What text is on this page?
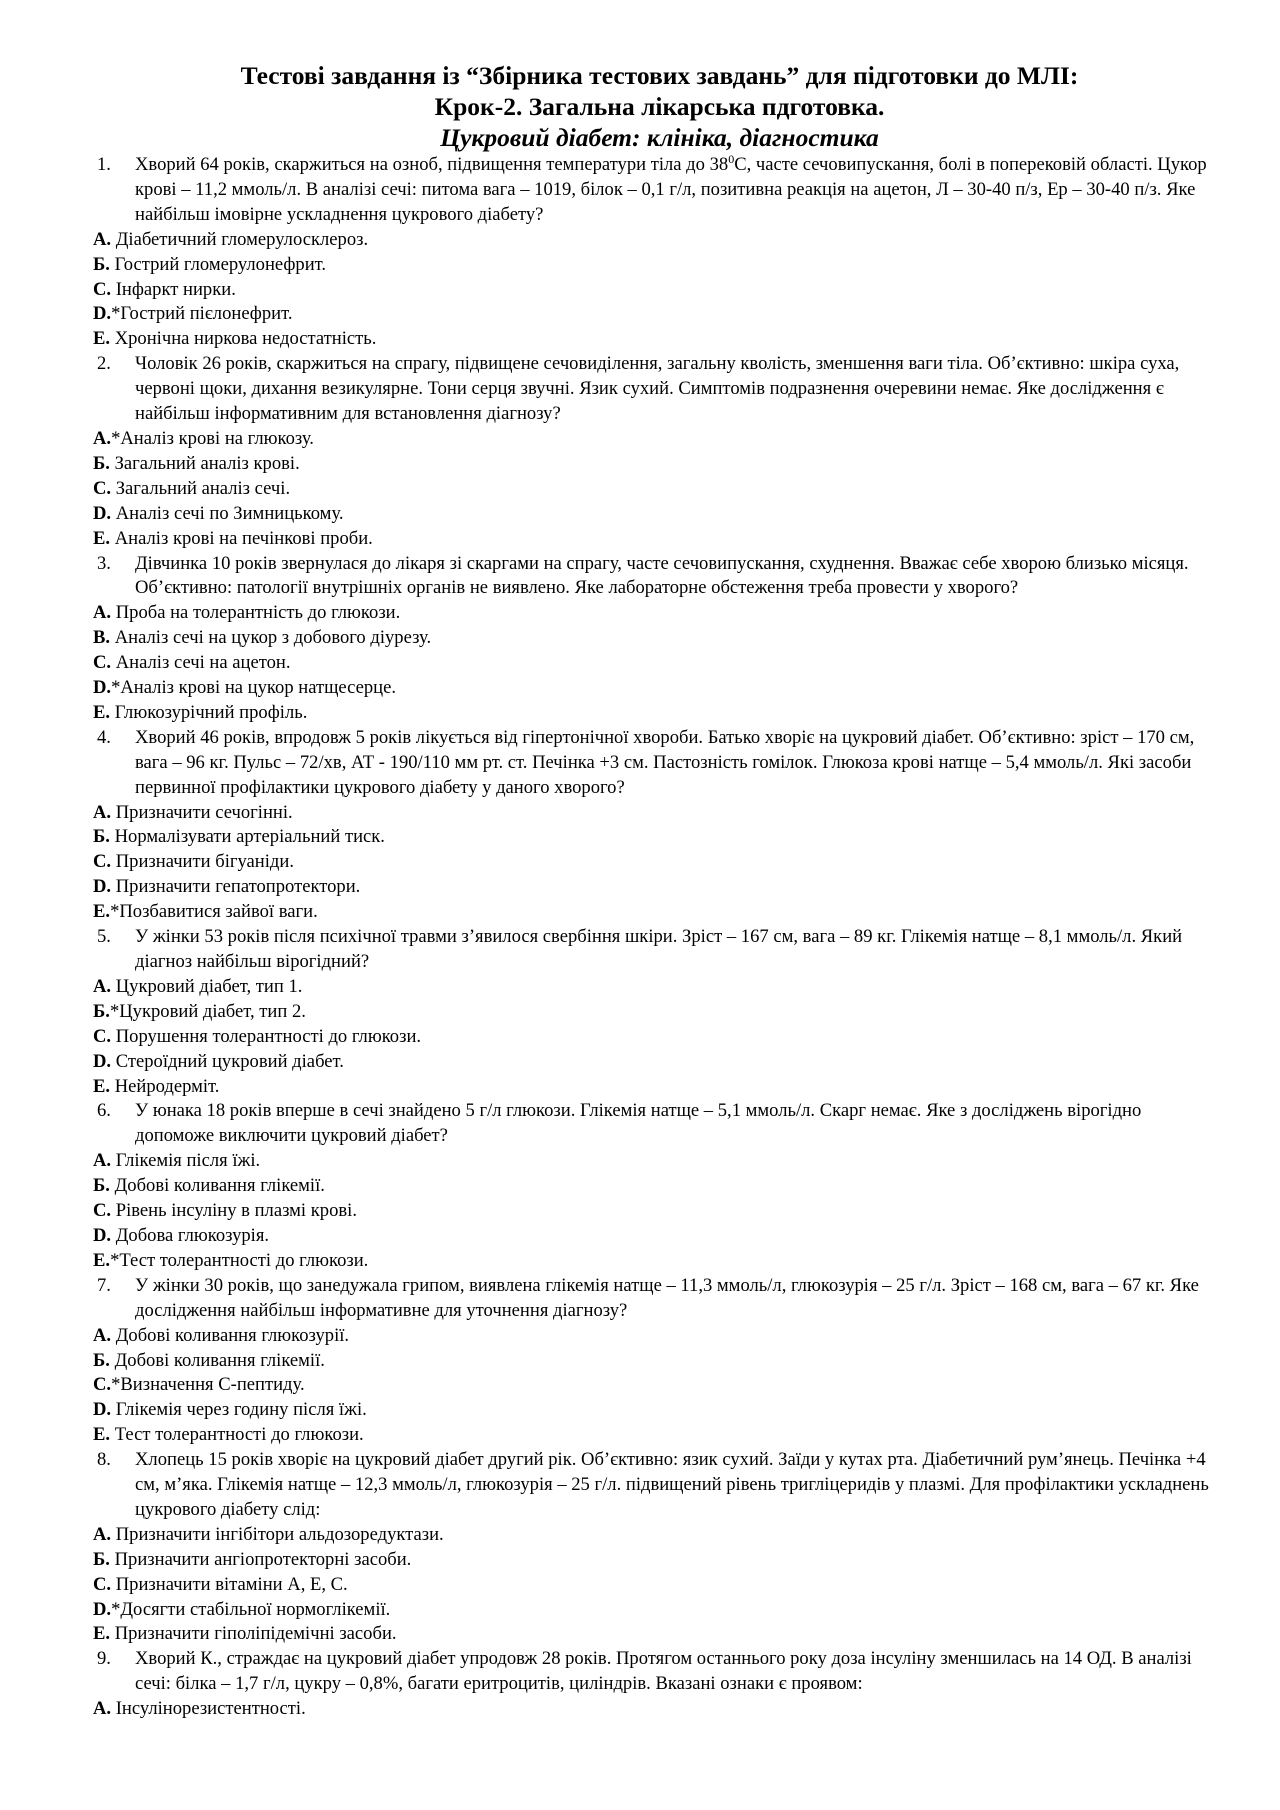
Тестові завдання із “Збірника тестових завдань” для підготовки до МЛІ:
Крок-2. Загальна лікарська пдготовка.
Цукровий діабет: клініка, діагностика
1.	Хворий 64 років, скаржиться на озноб, підвищення температури тіла до $38^0С$, часте сечовипускання, болі в поперековій області. Цукор крові – 11,2 ммоль/л. В аналізі сечі: питома вага – 1019, білок – 0,1 г/л, позитивна реакція на ацетон, Л – 30-40 п/з, Ер – 30-40 п/з. Яке найбільш імовірне ускладнення цукрового діабету?
А. Діабетичний гломерулосклероз.
Б. Гострий гломерулонефрит.
С. Інфаркт нирки.
D.*Гострий пієлонефрит.
Е. Хронічна ниркова недостатність.
2.	Чоловік 26 років, скаржиться на спрагу, підвищене сечовиділення, загальну кволість, зменшення ваги тіла. Об’єктивно: шкіра суха, червоні щоки, дихання везикулярне. Тони серця звучні. Язик сухий. Симптомів подразнення очеревини немає. Яке дослідження є найбільш інформативним для встановлення діагнозу?
А.*Аналіз крові на глюкозу.
Б. Загальний аналіз крові.
С. Загальний аналіз сечі.
D. Аналіз сечі по Зимницькому.
Е. Аналіз крові на печінкові проби.
3.	Дівчинка 10 років звернулася до лікаря зі скаргами на спрагу, часте сечовипускання, схуднення. Вважає себе хворою близько місяця. Об’єктивно: патології внутрішніх органів не виявлено. Яке лабораторне обстеження треба провести у хворого?
А. Проба на толерантність до глюкози.
В. Аналіз сечі на цукор з добового діурезу.
С. Аналіз сечі на ацетон.
D.*Аналіз крові на цукор натщесерце.
Е. Глюкозурічний профіль.
4.	Хворий 46 років, впродовж 5 років лікується від гіпертонічної хвороби. Батько хворіє на цукровий діабет. Об’єктивно: зріст – 170 см, вага – 96 кг. Пульс – 72/хв, АТ - 190/110 мм рт. ст. Печінка +3 см. Пастозність гомілок. Глюкоза крові натще – 5,4 ммоль/л. Які засоби первинної профілактики цукрового діабету у даного хворого?
А. Призначити сечогінні.
Б. Нормалізувати артеріальний тиск.
С. Призначити бігуаніди.
D. Призначити гепатопротектори.
Е.*Позбавитися зайвої ваги.
5.	У жінки 53 років після психічної травми з’явилося свербіння шкіри. Зріст – 167 см, вага – 89 кг. Глікемія натще – 8,1 ммоль/л. Який діагноз найбільш вірогідний?
А. Цукровий діабет, тип 1.
Б.*Цукровий діабет, тип 2.
С. Порушення толерантності до глюкози.
D. Стероїдний цукровий діабет.
Е. Нейродерміт.
6.	У юнака 18 років вперше в сечі знайдено 5 г/л глюкози. Глікемія натще – 5,1 ммоль/л. Скарг немає. Яке з досліджень вірогідно допоможе виключити цукровий діабет?
А. Глікемія після їжі.
Б. Добові коливання глікемії.
С. Рівень інсуліну в плазмі крові.
D. Добова глюкозурія.
Е.*Тест толерантності до глюкози.
7.	У жінки 30 років, що занедужала грипом, виявлена глікемія натще – 11,3 ммоль/л, глюкозурія – 25 г/л. Зріст – 168 см, вага – 67 кг. Яке дослідження найбільш інформативне для уточнення діагнозу?
А. Добові коливання глюкозурії.
Б. Добові коливання глікемії.
С.*Визначення С-пептиду.
D. Глікемія через годину після їжі.
Е. Тест толерантності до глюкози.
8.	Хлопець 15 років хворіє на цукровий діабет другий рік. Об’єктивно: язик сухий. Заїди у кутах рта. Діабетичний рум’янець. Печінка +4 см, м’яка. Глікемія натще – 12,3 ммоль/л, глюкозурія – 25 г/л. підвищений рівень тригліцеридів у плазмі. Для профілактики ускладнень цукрового діабету слід:
А. Призначити інгібітори альдозоредуктази.
Б. Призначити ангіопротекторні засоби.
С. Призначити вітаміни А, Е, С.
D.*Досягти стабільної нормоглікемії.
Е. Призначити гіполіпідемічні засоби.
9.	Хворий К., страждає на цукровий діабет упродовж 28 років. Протягом останнього року доза інсуліну зменшилась на 14 ОД. В аналізі сечі: білка – 1,7 г/л, цукру – 0,8%, багати еритроцитів, циліндрів. Вказані ознаки є проявом:
А. Інсулінорезистентності.
